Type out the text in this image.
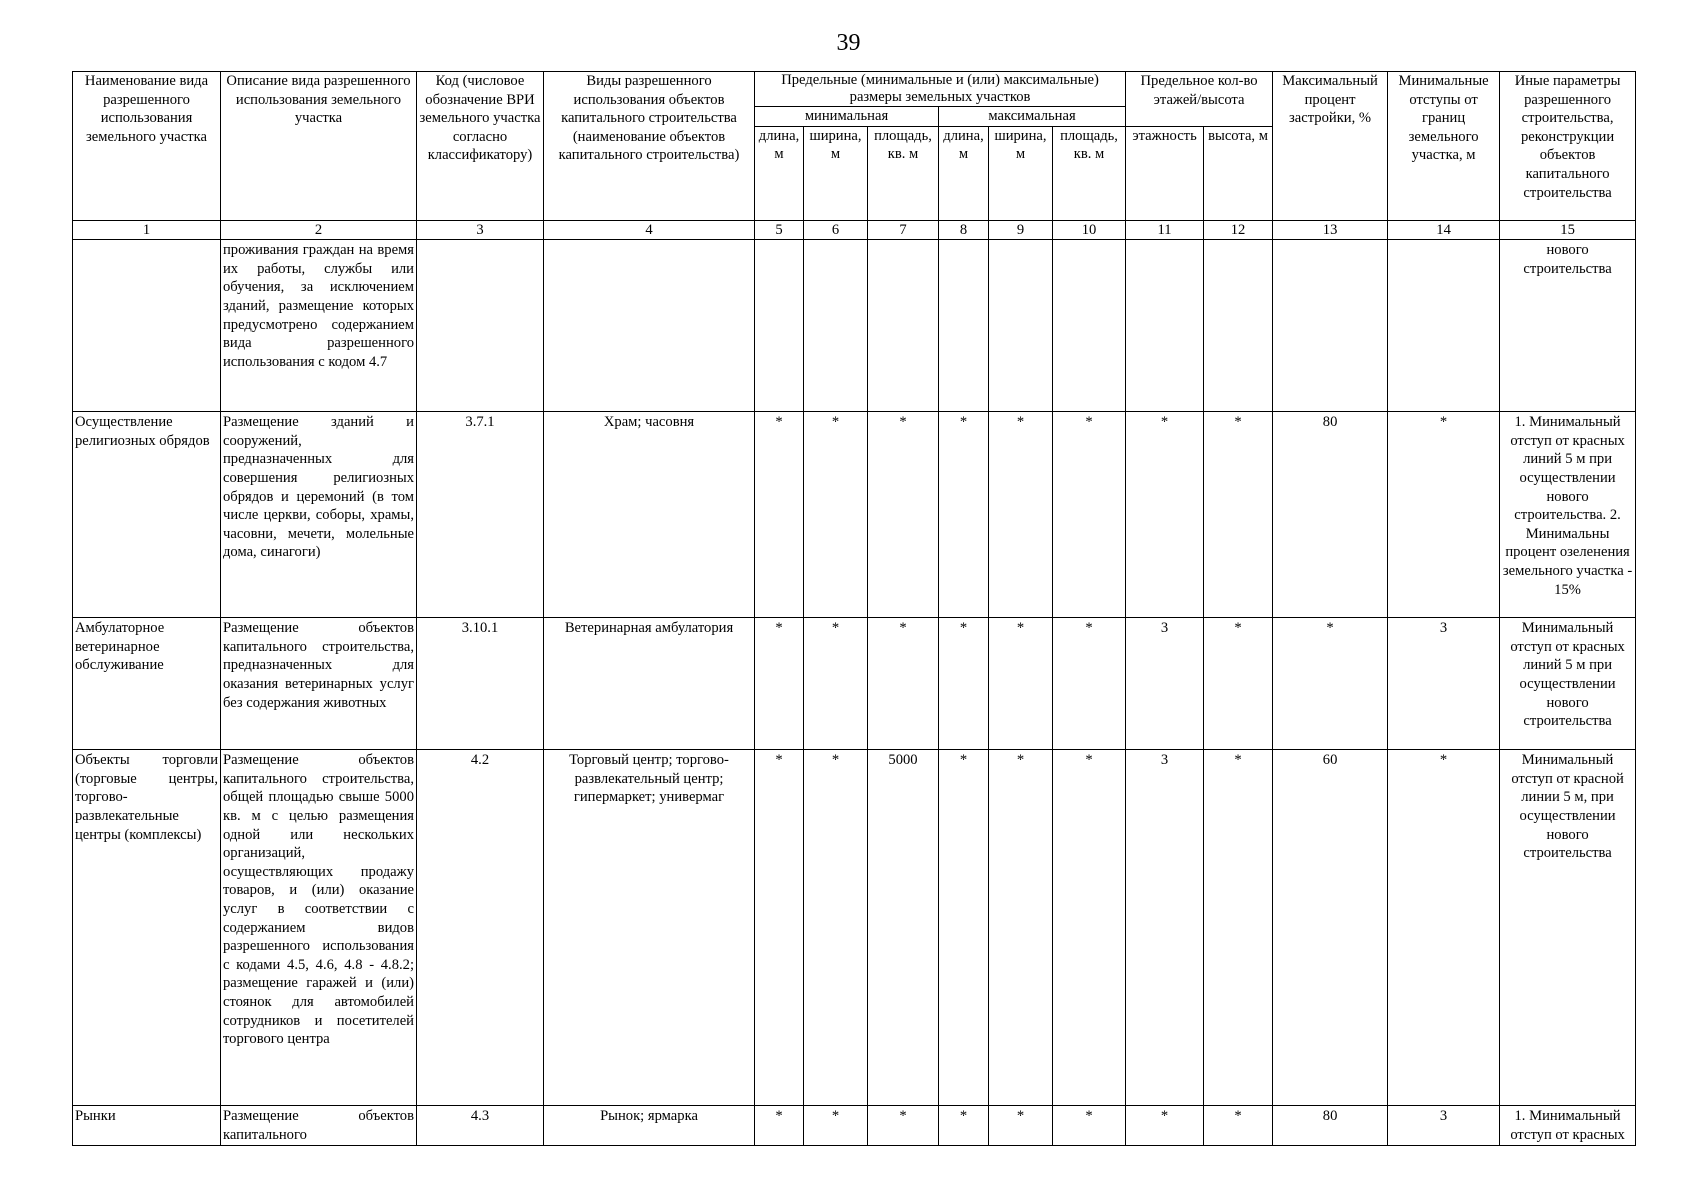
39
Наименование вида разрешенного использования земельного участка	Описание вида разрешенного использования земельного участка	Код (числовое обозначение ВРИ земельного участка согласно классификатору)	Виды разрешенного использования объектов капитального строительства (наименование объектов капитального строительства)	Предельные (минимальные и (или) максимальные) размеры земельных участков						Предельное кол-во этажей/высота		Максимальный процент застройки, %	Минимальные отступы от границ земельного участка, м	Иные параметры разрешенного строительства, реконструкции объектов капитального строительства
				минимальная			максимальная							
				длина, м	ширина, м	площадь, кв. м	длина, м	ширина, м	площадь, кв. м	этажность	высота, м			
1	2	3	4	5	6	7	8	9	10	11	12	13	14	15
	проживания граждан на время их работы, службы или обучения, за исключением зданий, размещение которых предусмотрено содержанием вида разрешенного использования с кодом 4.7													нового строительства
Осуществление религиозных обрядов	Размещение зданий и сооружений, предназначенных для совершения религиозных обрядов и церемоний (в том числе церкви, соборы, храмы, часовни, мечети, молельные дома, синагоги)	3.7.1	Храм; часовня	*	*	*	*	*	*	*	*	80	*	1. Минимальный отступ от красных линий 5 м при осуществлении нового строительства. 2. Минимальны процент озеленения земельного участка - 15%
Амбулаторное ветеринарное обслуживание	Размещение объектов капитального строительства, предназначенных для оказания ветеринарных услуг без содержания животных	3.10.1	Ветеринарная амбулатория	*	*	*	*	*	*	3	*	*	3	Минимальный отступ от красных линий 5 м при осуществлении нового строительства
Объекты торговли (торговые центры, торгово-развлекательные центры (комплексы)	Размещение объектов капитального строительства, общей площадью свыше 5000 кв. м с целью размещения одной или нескольких организаций, осуществляющих продажу товаров, и (или) оказание услуг в соответствии с содержанием видов разрешенного использования с кодами 4.5, 4.6, 4.8 - 4.8.2; размещение гаражей и (или) стоянок для автомобилей сотрудников и посетителей торгового центра	4.2	Торговый центр; торгово-развлекательный центр; гипермаркет; универмаг	*	*	5000	*	*	*	3	*	60	*	Минимальный отступ от красной линии 5 м, при осуществлении нового строительства
Рынки	Размещение объектов капитального	4.3	Рынок; ярмарка	*	*	*	*	*	*	*	*	80	3	1. Минимальный отступ от красных
